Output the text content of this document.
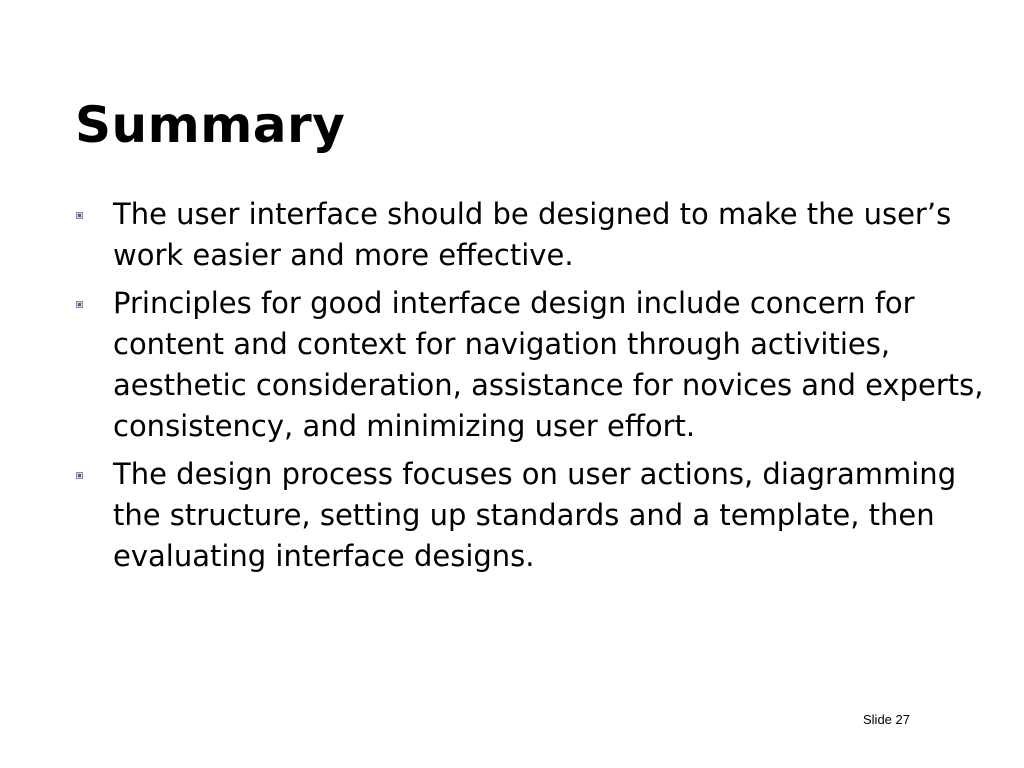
Summary
The user interface should be designed to make the user’s work easier and more effective.
Principles for good interface design include concern for content and context for navigation through activities, aesthetic consideration, assistance for novices and experts, consistency, and minimizing user effort.
The design process focuses on user actions, diagramming the structure, setting up standards and a template, then evaluating interface designs.
Slide 27
